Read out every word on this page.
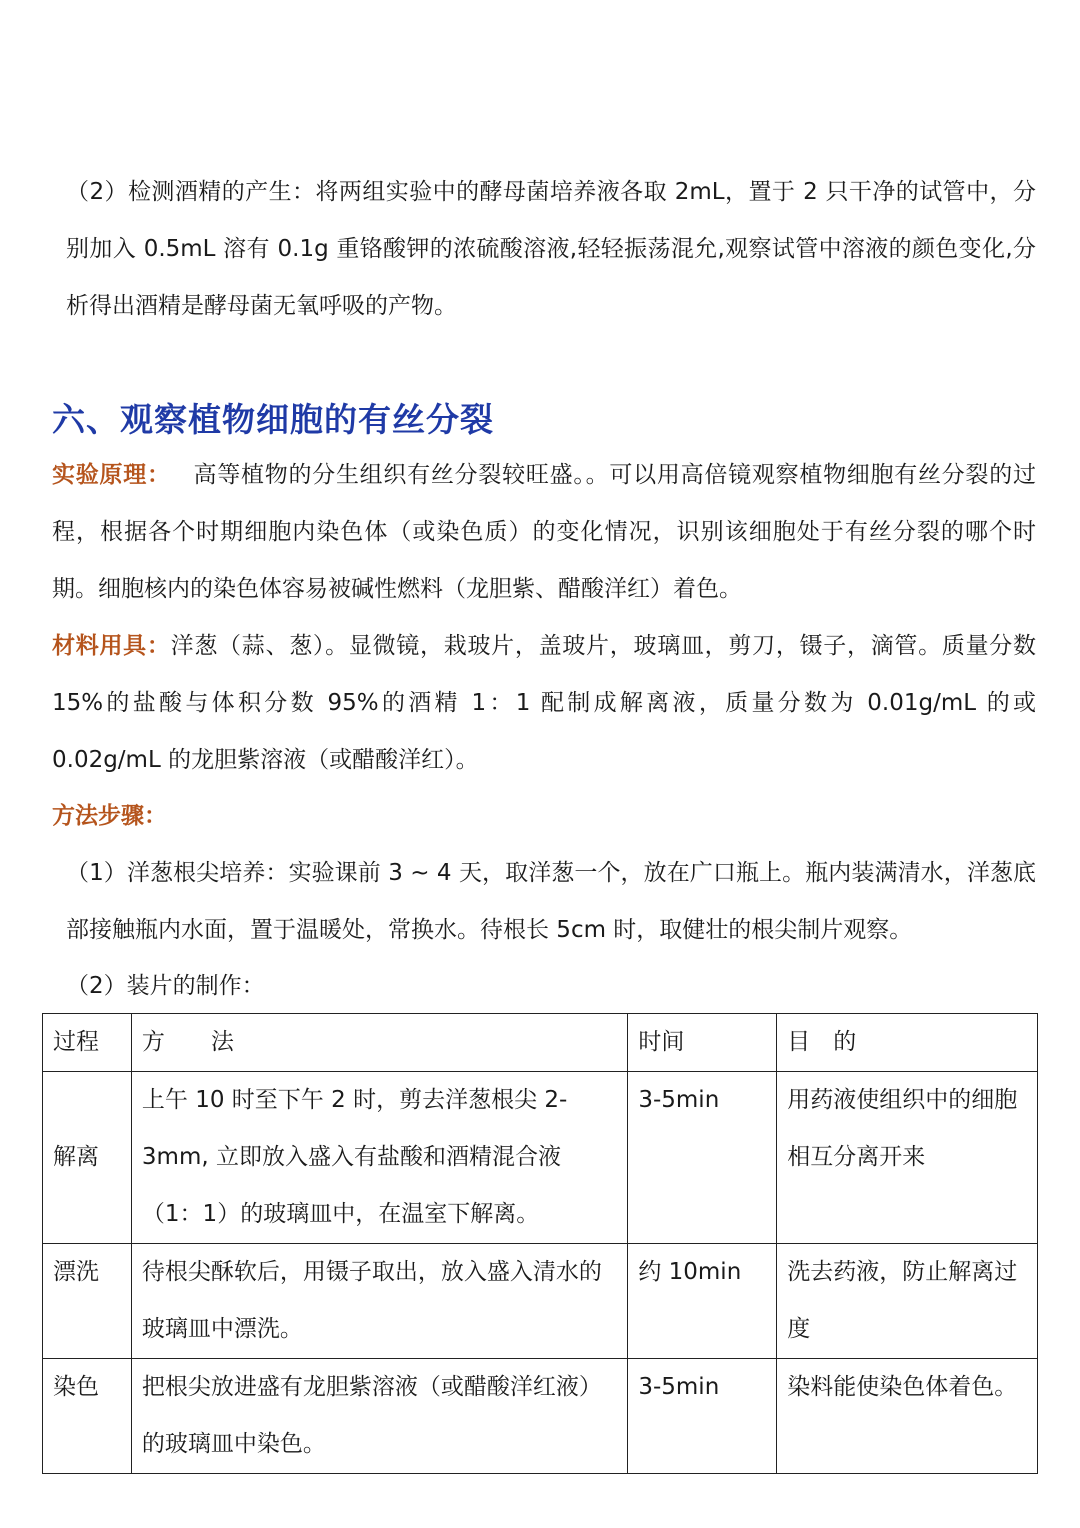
（2）检测酒精的产生：将两组实验中的酵母菌培养液各取 2mL，置于 2 只干净的试管中，分别加入 0.5mL 溶有 0.1g 重铬酸钾的浓硫酸溶液,轻轻振荡混允,观察试管中溶液的颜色变化,分析得出酒精是酵母菌无氧呼吸的产物。

六、观察植物细胞的有丝分裂

实验原理： 高等植物的分生组织有丝分裂较旺盛。。可以用高倍镜观察植物细胞有丝分裂的过程，根据各个时期细胞内染色体（或染色质）的变化情况，识别该细胞处于有丝分裂的哪个时期。细胞核内的染色体容易被碱性燃料（龙胆紫、醋酸洋红）着色。

材料用具：洋葱（蒜、葱）。显微镜，栽玻片，盖玻片，玻璃皿，剪刀，镊子，滴管。质量分数 15%的盐酸与体积分数 95%的酒精 1：1 配制成解离液，质量分数为 0.01g/mL 的或 0.02g/mL 的龙胆紫溶液（或醋酸洋红）。

方法步骤：

（1）洋葱根尖培养：实验课前 3 ~ 4 天，取洋葱一个，放在广口瓶上。瓶内装满清水，洋葱底部接触瓶内水面，置于温暖处，常换水。待根长 5cm 时，取健壮的根尖制片观察。

（2）装片的制作：

过程	方　　法	时间	目　的
解离	上午 10 时至下午 2 时，剪去洋葱根尖 2-3mm, 立即放入盛入有盐酸和酒精混合液（1：1）的玻璃皿中，在温室下解离。	3-5min	用药液使组织中的细胞相互分离开来
漂洗	待根尖酥软后，用镊子取出，放入盛入清水的玻璃皿中漂洗。	约 10min	洗去药液，防止解离过度
染色	把根尖放进盛有龙胆紫溶液（或醋酸洋红液）的玻璃皿中染色。	3-5min	染料能使染色体着色。
